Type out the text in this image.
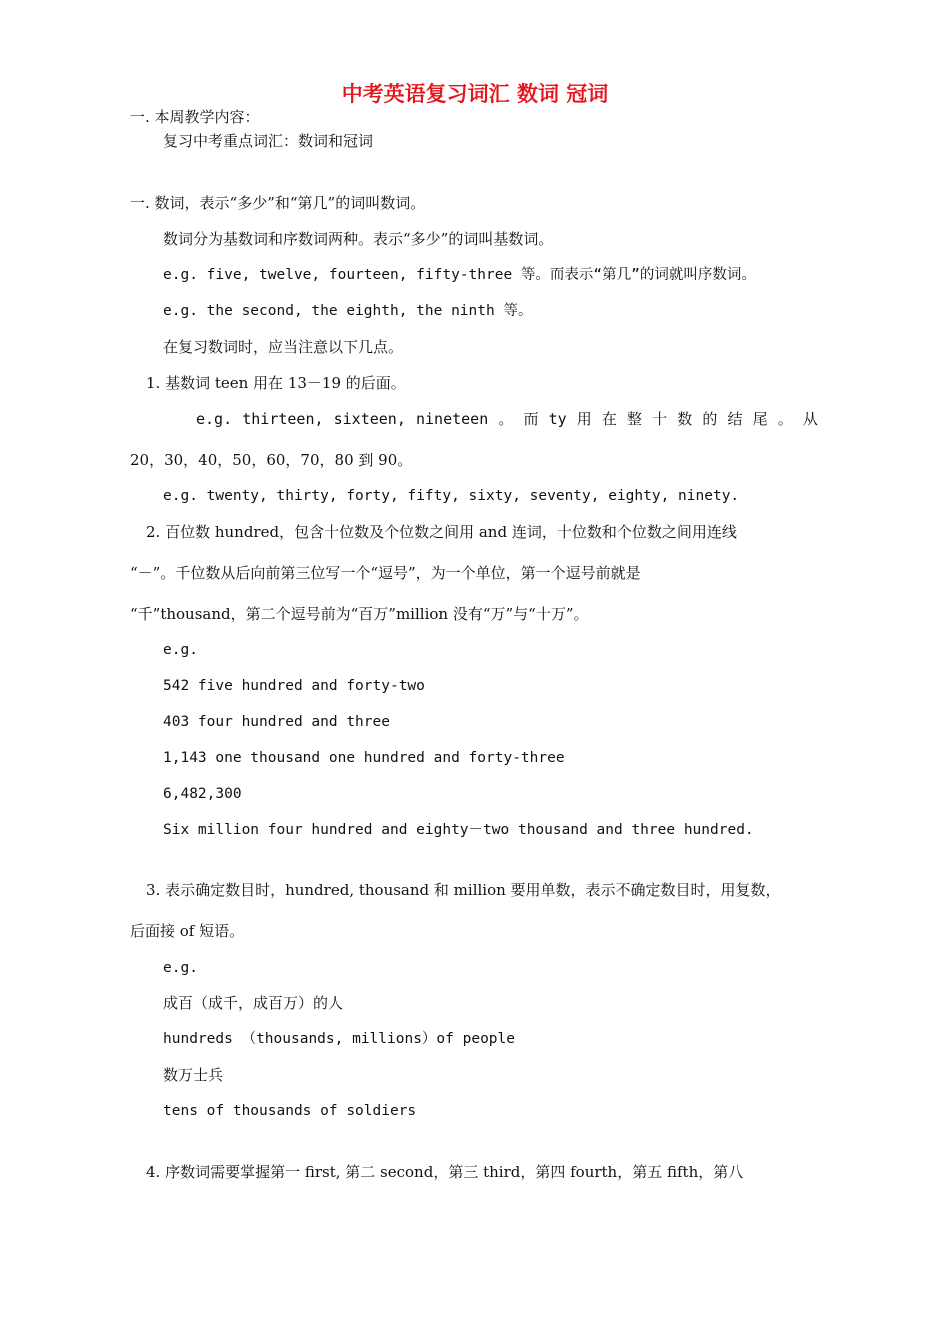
中考英语复习词汇 数词 冠词
一. 本周教学内容：
复习中考重点词汇：数词和冠词
一. 数词，表示“多少”和“第几”的词叫数词。
数词分为基数词和序数词两种。表示“多少”的词叫基数词。
e.g. five, twelve, fourteen, fifty-three 等。而表示“第几”的词就叫序数词。
e.g. the second, the eighth, the ninth 等。
在复习数词时，应当注意以下几点。
1. 基数词 teen 用在 13－19 的后面。
e.g. thirteen, sixteen, nineteen 。 而 ty 用 在 整 十 数 的 结 尾 。 从
20，30，40，50，60，70，80 到 90。
e.g. twenty, thirty, forty, fifty, sixty, seventy, eighty, ninety.
2. 百位数 hundred，包含十位数及个位数之间用 and 连词，十位数和个位数之间用连线
“－”。千位数从后向前第三位写一个“逗号”，为一个单位，第一个逗号前就是
“千”thousand，第二个逗号前为“百万”million 没有“万”与“十万”。
e.g.
542 five hundred and forty-two
403 four hundred and three
1,143 one thousand one hundred and forty-three
6,482,300
Six million four hundred and eighty－two thousand and three hundred.
3. 表示确定数目时，hundred, thousand 和 million 要用单数，表示不确定数目时，用复数，
后面接 of 短语。
e.g.
成百（成千，成百万）的人
hundreds （thousands, millions）of people
数万士兵
tens of thousands of soldiers
4. 序数词需要掌握第一 first, 第二 second，第三 third，第四 fourth，第五 fifth，第八
